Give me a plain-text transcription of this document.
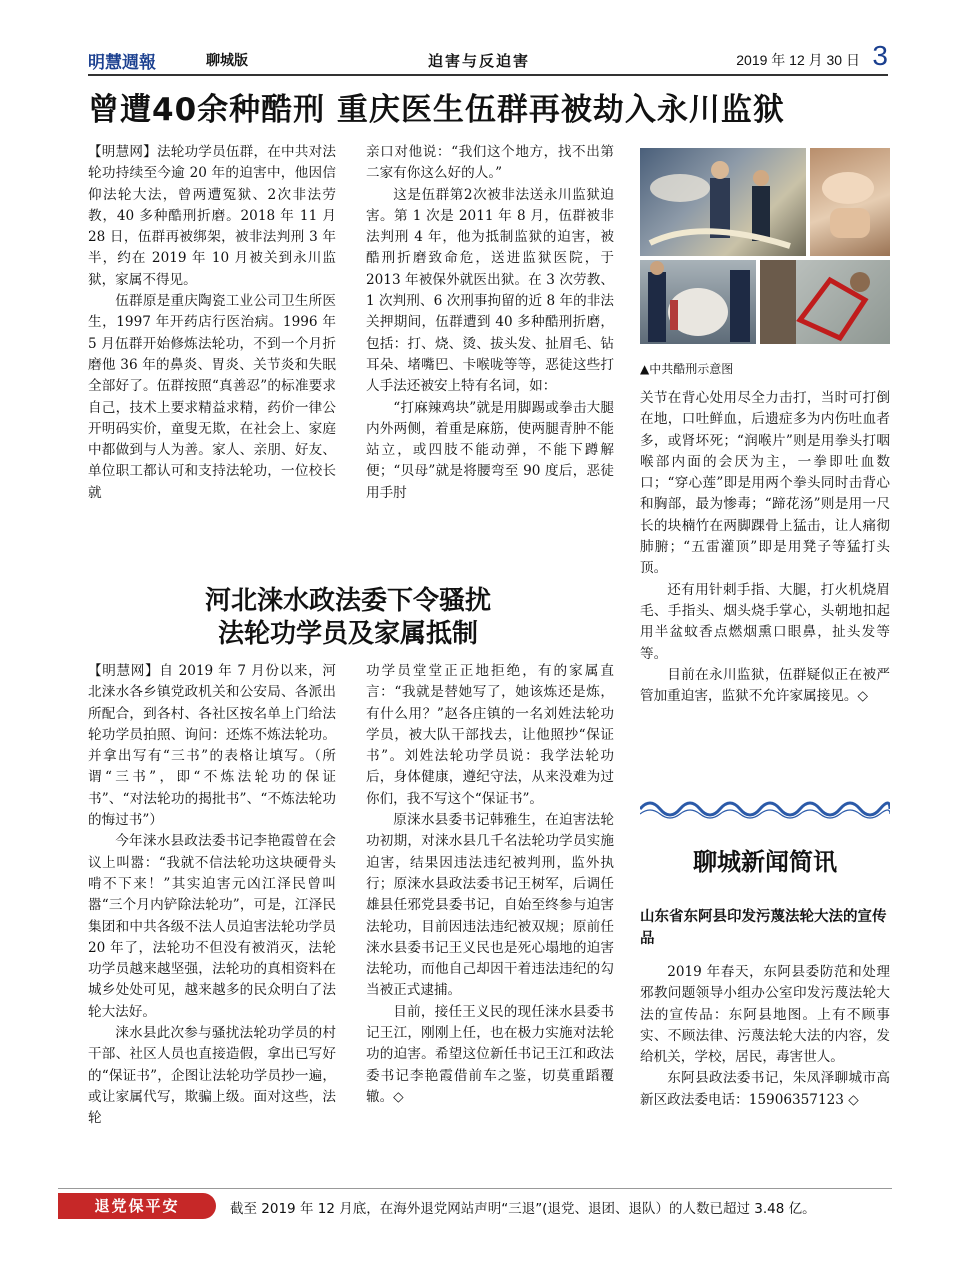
明慧週報	聊城版	迫害与反迫害	2019 年 12 月 30 日 3
曾遭40余种酷刑 重庆医生伍群再被劫入永川监狱

【明慧网】法轮功学员伍群，在中共对法轮功持续至今逾 20 年的迫害中，他因信仰法轮大法，曾两遭冤狱、2次非法劳教，40 多种酷刑折磨。2018 年 11 月 28 日，伍群再被绑架，被非法判刑 3 年半，约在 2019 年 10 月被关到永川监狱，家属不得见。

伍群原是重庆陶瓷工业公司卫生所医生，1997 年开药店行医治病。1996 年 5 月伍群开始修炼法轮功，不到一个月折磨他 36 年的鼻炎、胃炎、关节炎和失眠全部好了。伍群按照“真善忍”的标准要求自己，技术上要求精益求精，药价一律公开明码实价，童叟无欺，在社会上、家庭中都做到与人为善。家人、亲朋、好友、单位职工都认可和支持法轮功，一位校长就

亲口对他说：“我们这个地方，找不出第二家有你这么好的人。”

这是伍群第2次被非法送永川监狱迫害。第 1 次是 2011 年 8 月，伍群被非法判刑 4 年，他为抵制监狱的迫害，被酷刑折磨致命危，送进监狱医院，于 2013 年被保外就医出狱。在 3 次劳教、1 次判刑、6 次刑事拘留的近 8 年的非法关押期间，伍群遭到 40 多种酷刑折磨，包括：打、烧、烫、拔头发、扯眉毛、钻耳朵、堵嘴巴、卡喉咙等等，恶徒这些打人手法还被安上特有名词，如：

“打麻辣鸡块”就是用脚踢或拳击大腿内外两侧，着重是麻筋，使两腿青肿不能站立，或四肢不能动弹，不能下蹲解便；“贝母”就是将腰弯至 90 度后，恶徒用手肘

▲中共酷刑示意图

关节在背心处用尽全力击打，当时可打倒在地，口吐鲜血，后遗症多为内伤吐血者多，或肾坏死；“润喉片”则是用拳头打咽喉部内面的会厌为主，一拳即吐血数口；“穿心莲”即是用两个拳头同时击背心和胸部，最为惨毒；“蹄花汤”则是用一尺长的块楠竹在两脚踝骨上猛击，让人痛彻肺腑；“五雷灌顶”即是用凳子等猛打头顶。

还有用针刺手指、大腿，打火机烧眉毛、手指头、烟头烧手掌心，头朝地扣起用半盆蚊香点燃烟熏口眼鼻，扯头发等等。

目前在永川监狱，伍群疑似正在被严管加重迫害，监狱不允许家属接见。◇

河北涞水政法委下令骚扰
法轮功学员及家属抵制

【明慧网】自 2019 年 7 月份以来，河北涞水各乡镇党政机关和公安局、各派出所配合，到各村、各社区按名单上门给法轮功学员拍照、询问：还炼不炼法轮功。并拿出写有“三书”的表格让填写。（所谓“三书”，即“不炼法轮功的保证书”、“对法轮功的揭批书”、“不炼法轮功的悔过书”）

今年涞水县政法委书记李艳霞曾在会议上叫嚣：“我就不信法轮功这块硬骨头啃不下来！”其实迫害元凶江泽民曾叫嚣“三个月内铲除法轮功”，可是，江泽民集团和中共各级不法人员迫害法轮功学员 20 年了，法轮功不但没有被消灭，法轮功学员越来越坚强，法轮功的真相资料在城乡处处可见，越来越多的民众明白了法轮大法好。

涞水县此次参与骚扰法轮功学员的村干部、社区人员也直接造假，拿出已写好的“保证书”，企图让法轮功学员抄一遍，或让家属代写，欺骗上级。面对这些，法轮

功学员堂堂正正地拒绝，有的家属直言：“我就是替她写了，她该炼还是炼，有什么用？”赵各庄镇的一名刘姓法轮功学员，被大队干部找去，让他照抄“保证书”。刘姓法轮功学员说：我学法轮功后，身体健康，遵纪守法，从来没难为过你们，我不写这个“保证书”。

原涞水县委书记韩雅生，在迫害法轮功初期，对涞水县几千名法轮功学员实施迫害，结果因违法违纪被判刑，监外执行；原涞水县政法委书记王树军，后调任雄县任邪党县委书记，自始至终参与迫害法轮功，目前因违法违纪被双规；原前任涞水县委书记王义民也是死心塌地的迫害法轮功，而他自己却因干着违法违纪的勾当被正式逮捕。

目前，接任王义民的现任涞水县委书记王江，刚刚上任，也在极力实施对法轮功的迫害。希望这位新任书记王江和政法委书记李艳霞借前车之鉴，切莫重蹈覆辙。◇

聊城新闻简讯
山东省东阿县印发污蔑法轮大法的宣传品

2019 年春天，东阿县委防范和处理邪教问题领导小组办公室印发污蔑法轮大法的宣传品：东阿县地图。上有不顾事实、不顾法律、污蔑法轮大法的内容，发给机关，学校，居民，毒害世人。

东阿县政法委书记，朱凤泽聊城市高新区政法委电话：15906357123 ◇

退党保平安	截至 2019 年 12 月底，在海外退党网站声明“三退”(退党、退团、退队）的人数已超过 3.48 亿。
